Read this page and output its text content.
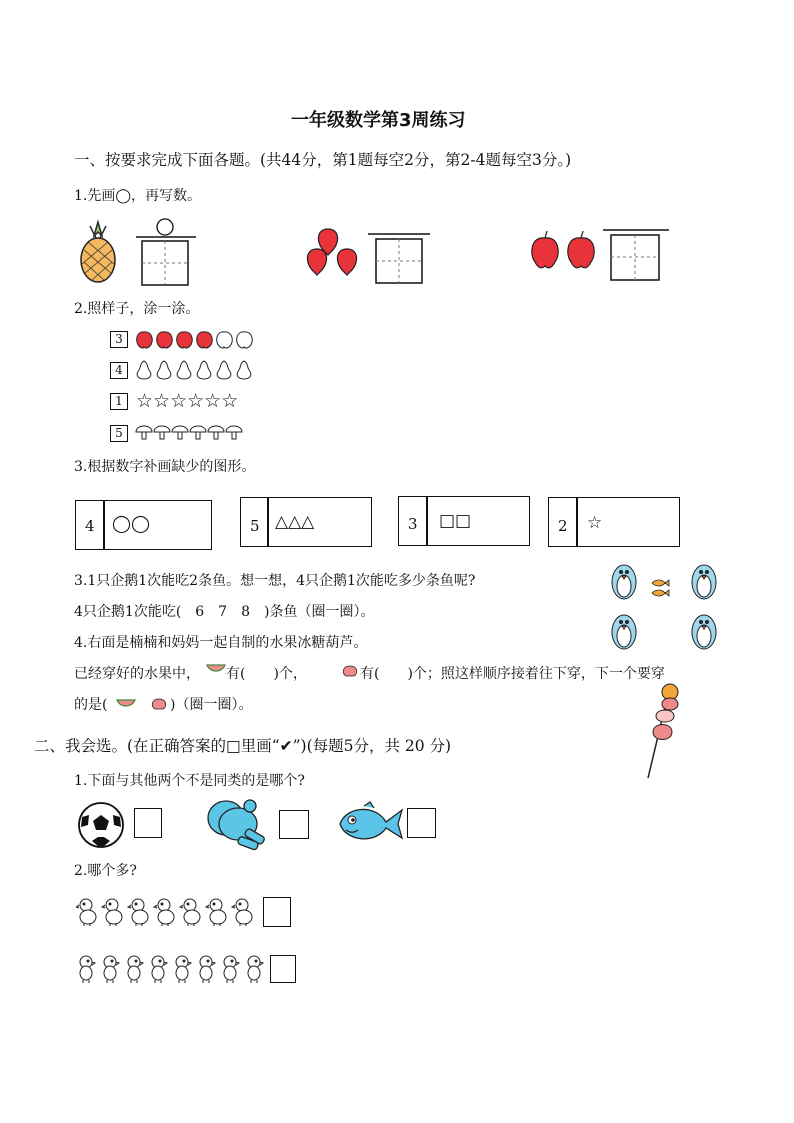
一年级数学第3周练习
一、按要求完成下面各题。(共44分，第1题每空2分，第2-4题每空3分。)
1.先画◯，再写数。
2.照样子，涂一涂。
3
4
1 ☆☆☆☆☆☆
5
3.根据数字补画缺少的图形。
4 ◯◯	5 △△△	3 □□	2 ☆
3.1只企鹅1次能吃2条鱼。想一想，4只企鹅1次能吃多少条鱼呢?
4只企鹅1次能吃(　6　7　8　)条鱼（圈一圈）。
4.右面是楠楠和妈妈一起自制的水果冰糖葫芦。
已经穿好的水果中， 有(　　)个，	有(　　)个；照这样顺序接着往下穿，下一个要穿
的是(	)（圈一圈）。
二、我会选。(在正确答案的□里画“✔”)(每题5分，共 20 分)
1.下面与其他两个不是同类的是哪个?
2.哪个多?
